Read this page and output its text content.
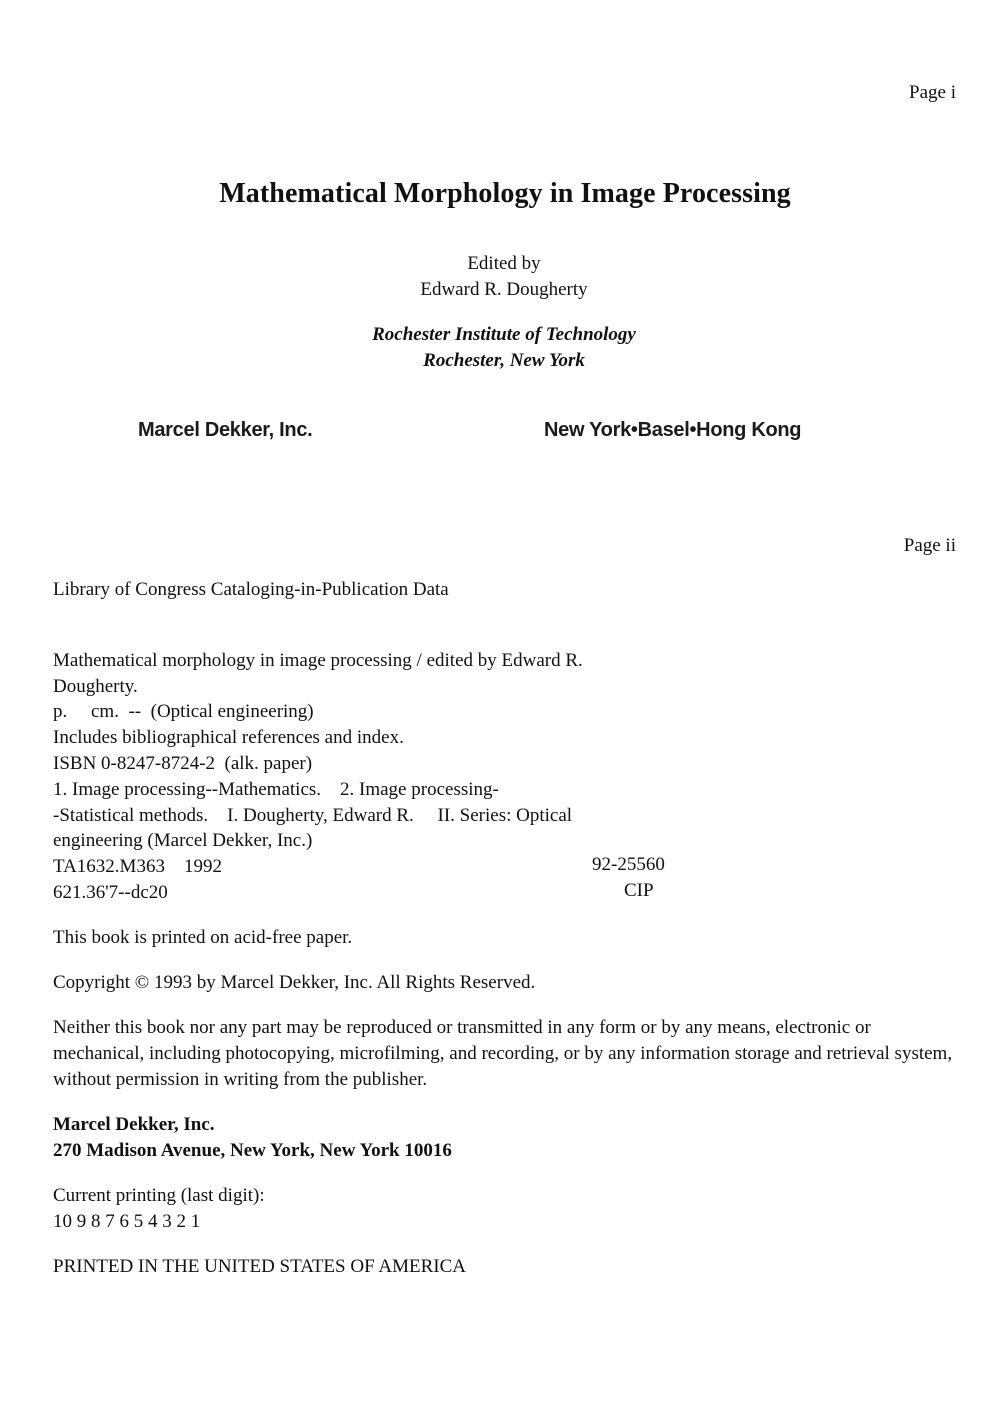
Page i
Mathematical Morphology in Image Processing
Edited by
Edward R. Dougherty
Rochester Institute of Technology
Rochester, New York
Marcel Dekker, Inc.	New York•Basel•Hong Kong
Page ii
Library of Congress Cataloging-in-Publication Data

Mathematical morphology in image processing / edited by Edward R.
Dougherty.
p.     cm.  --  (Optical engineering)
Includes bibliographical references and index.
ISBN 0-8247-8724-2  (alk. paper)
1. Image processing--Mathematics.    2. Image processing-
-Statistical methods.    I. Dougherty, Edward R.     II. Series: Optical
engineering (Marcel Dekker, Inc.)
TA1632.M363    1992
621.36'7--dc20

92-25560
CIP
This book is printed on acid-free paper.
Copyright © 1993 by Marcel Dekker, Inc. All Rights Reserved.
Neither this book nor any part may be reproduced or transmitted in any form or by any means, electronic or mechanical, including photocopying, microfilming, and recording, or by any information storage and retrieval system, without permission in writing from the publisher.
Marcel Dekker, Inc.
270 Madison Avenue, New York, New York 10016
Current printing (last digit):
10 9 8 7 6 5 4 3 2 1
PRINTED IN THE UNITED STATES OF AMERICA
